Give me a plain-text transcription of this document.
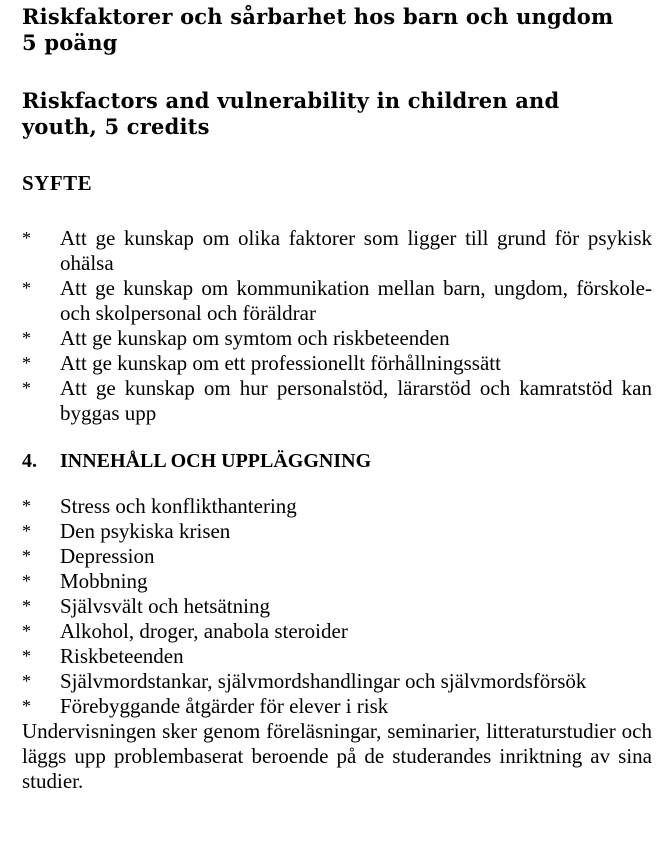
Riskfaktorer och sårbarhet hos barn och ungdom

5 poäng

Riskfactors and vulnerability in children and

youth, 5 credits

SYFTE
*	Att ge kunskap om olika faktorer som ligger till grund för psykisk ohälsa
*	Att ge kunskap om kommunikation mellan barn, ungdom, förskole- och skolpersonal och föräldrar
*	Att ge kunskap om symtom och riskbeteenden
*	Att ge kunskap om ett professionellt förhållningssätt
*	Att ge kunskap om hur personalstöd, lärarstöd och kamratstöd kan byggas upp
4.	INNEHÅLL OCH UPPLÄGGNING
*	Stress och konflikthantering
*	Den psykiska krisen
*	Depression
*	Mobbning
*	Självsvält och hetsätning
*	Alkohol, droger, anabola steroider
*	Riskbeteenden
*	Självmordstankar, självmordshandlingar och självmordsförsök
*	Förebyggande åtgärder för elever i risk

Undervisningen sker genom föreläsningar, seminarier, litteraturstudier och läggs upp problembaserat beroende på de studerandes inriktning av sina studier.
